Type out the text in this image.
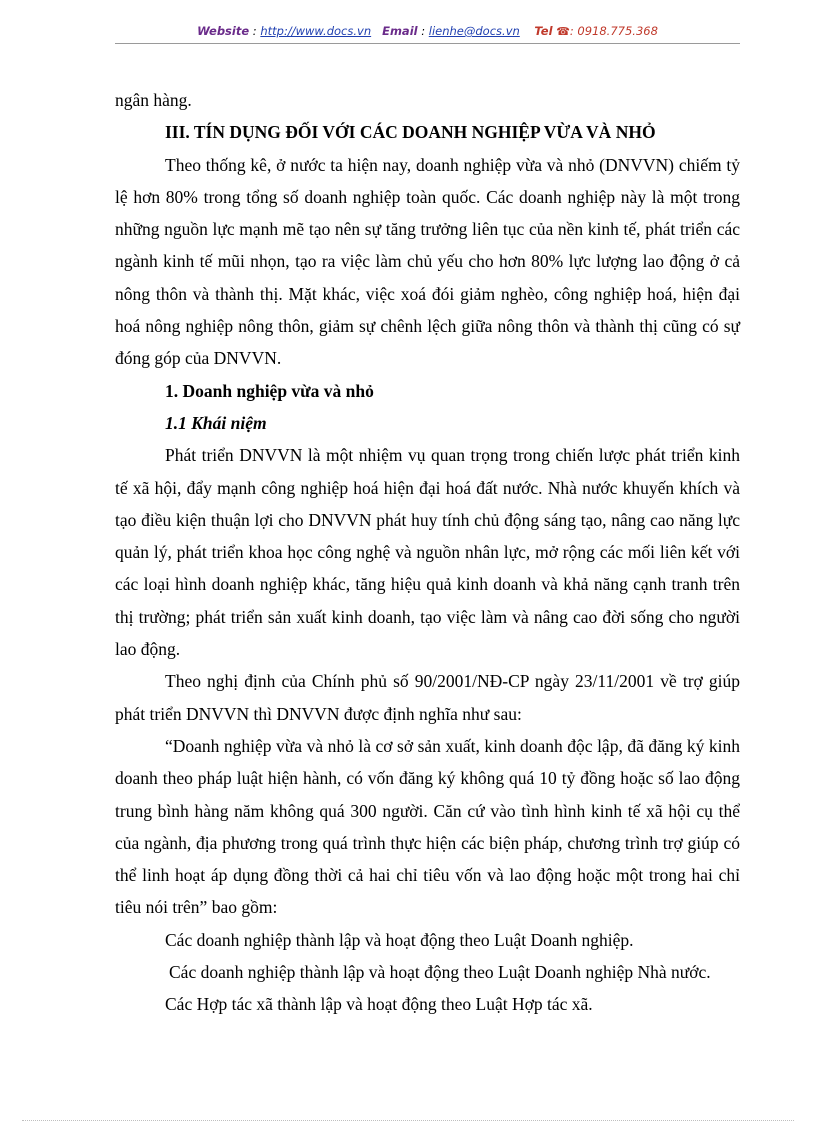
Website : http://www.docs.vn Email : lienhe@docs.vn Tel ☎: 0918.775.368

ngân hàng.

III. TÍN DỤNG ĐỐI VỚI CÁC DOANH NGHIỆP VỪA VÀ NHỎ

Theo thống kê, ở nước ta hiện nay, doanh nghiệp vừa và nhỏ (DNVVN) chiếm tỷ lệ hơn 80% trong tổng số doanh nghiệp toàn quốc. Các doanh nghiệp này là một trong những nguồn lực mạnh mẽ tạo nên sự tăng trưởng liên tục của nền kinh tế, phát triển các ngành kinh tế mũi nhọn, tạo ra việc làm chủ yếu cho hơn 80% lực lượng lao động ở cả nông thôn và thành thị. Mặt khác, việc xoá đói giảm nghèo, công nghiệp hoá, hiện đại hoá nông nghiệp nông thôn, giảm sự chênh lệch giữa nông thôn và thành thị cũng có sự đóng góp của DNVVN.

1. Doanh nghiệp vừa và nhỏ

1.1 Khái niệm

Phát triển DNVVN là một nhiệm vụ quan trọng trong chiến lược phát triển kinh tế xã hội, đẩy mạnh công nghiệp hoá hiện đại hoá đất nước. Nhà nước khuyến khích và tạo điều kiện thuận lợi cho DNVVN phát huy tính chủ động sáng tạo, nâng cao năng lực quản lý, phát triển khoa học công nghệ và nguồn nhân lực, mở rộng các mối liên kết với các loại hình doanh nghiệp khác, tăng hiệu quả kinh doanh và khả năng cạnh tranh trên thị trường; phát triển sản xuất kinh doanh, tạo việc làm và nâng cao đời sống cho người lao động.

Theo nghị định của Chính phủ số 90/2001/NĐ-CP ngày 23/11/2001 về trợ giúp phát triển DNVVN thì DNVVN được định nghĩa như sau:

“Doanh nghiệp vừa và nhỏ là cơ sở sản xuất, kinh doanh độc lập, đã đăng ký kinh doanh theo pháp luật hiện hành, có vốn đăng ký không quá 10 tỷ đồng hoặc số lao động trung bình hàng năm không quá 300 người. Căn cứ vào tình hình kinh tế xã hội cụ thể của ngành, địa phương trong quá trình thực hiện các biện pháp, chương trình trợ giúp có thể linh hoạt áp dụng đồng thời cả hai chỉ tiêu vốn và lao động hoặc một trong hai chỉ tiêu nói trên” bao gồm:

Các doanh nghiệp thành lập và hoạt động theo Luật Doanh nghiệp.

Các doanh nghiệp thành lập và hoạt động theo Luật Doanh nghiệp Nhà nước.

Các Hợp tác xã thành lập và hoạt động theo Luật Hợp tác xã.
